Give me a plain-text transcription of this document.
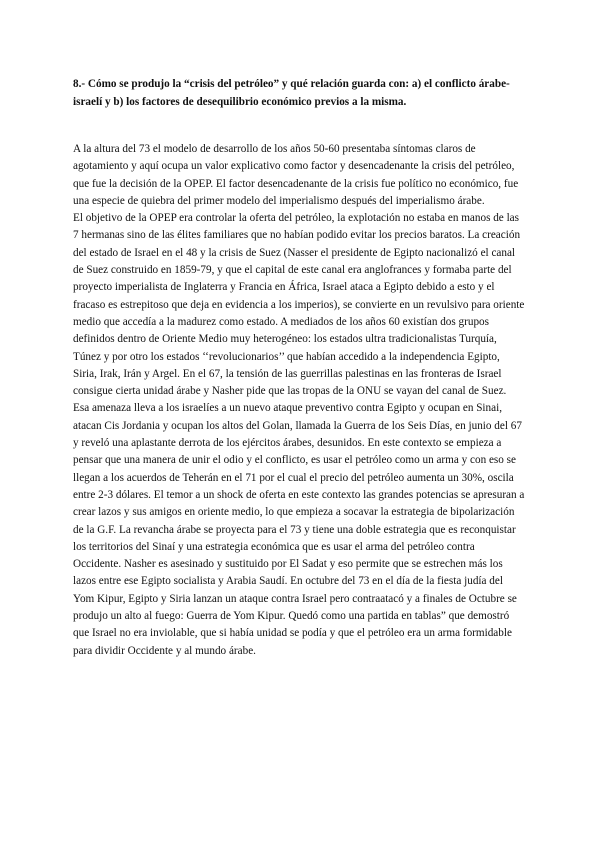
8.- Cómo se produjo la “crisis del petróleo” y qué relación guarda con: a) el conflicto árabe-israelí y b) los factores de desequilibrio económico previos a la misma.

A la altura del 73 el modelo de desarrollo de los años 50-60 presentaba síntomas claros de agotamiento y aquí ocupa un valor explicativo como factor y desencadenante la crisis del petróleo, que fue la decisión de la OPEP. El factor desencadenante de la crisis fue político no económico, fue una especie de quiebra del primer modelo del imperialismo después del imperialismo árabe.

El objetivo de la OPEP era controlar la oferta del petróleo, la explotación no estaba en manos de las 7 hermanas sino de las élites familiares que no habían podido evitar los precios baratos. La creación del estado de Israel en el 48 y la crisis de Suez (Nasser el presidente de Egipto nacionalizó el canal de Suez construido en 1859-79, y que el capital de este canal era anglofrances y formaba parte del proyecto imperialista de Inglaterra y Francia en África, Israel ataca a Egipto debido a esto y el fracaso es estrepitoso que deja en evidencia a los imperios), se convierte en un revulsivo para oriente medio que accedía a la madurez como estado. A mediados de los años 60 existían dos grupos definidos dentro de Oriente Medio muy heterogéneo: los estados ultra tradicionalistas Turquía, Túnez y por otro los estados ‘‘revolucionarios’’ que habían accedido a la independencia Egipto, Siria, Irak, Irán y Argel. En el 67, la tensión de las guerrillas palestinas en las fronteras de Israel consigue cierta unidad árabe y Nasher pide que las tropas de la ONU se vayan del canal de Suez. Esa amenaza lleva a los israelíes a un nuevo ataque preventivo contra Egipto y ocupan en Sinai, atacan Cis Jordania y ocupan los altos del Golan, llamada la Guerra de los Seis Días, en junio del 67 y reveló una aplastante derrota de los ejércitos árabes, desunidos. En este contexto se empieza a pensar que una manera de unir el odio y el conflicto, es usar el petróleo como un arma y con eso se llegan a los acuerdos de Teherán en el 71 por el cual el precio del petróleo aumenta un 30%, oscila entre 2-3 dólares. El temor a un shock de oferta en este contexto las grandes potencias se apresuran a crear lazos y sus amigos en oriente medio, lo que empieza a socavar la estrategia de bipolarización de la G.F. La revancha árabe se proyecta para el 73 y tiene una doble estrategia que es reconquistar los territorios del Sinaí y una estrategia económica que es usar el arma del petróleo contra Occidente. Nasher es asesinado y sustituido por El Sadat y eso permite que se estrechen más los lazos entre ese Egipto socialista y Arabia Saudí. En octubre del 73 en el día de la fiesta judía del Yom Kipur, Egipto y Siria lanzan un ataque contra Israel pero contraatacó y a finales de Octubre se produjo un alto al fuego: Guerra de Yom Kipur. Quedó como una partida en tablas” que demostró que Israel no era inviolable, que si había unidad se podía y que el petróleo era un arma formidable para dividir Occidente y al mundo árabe.
